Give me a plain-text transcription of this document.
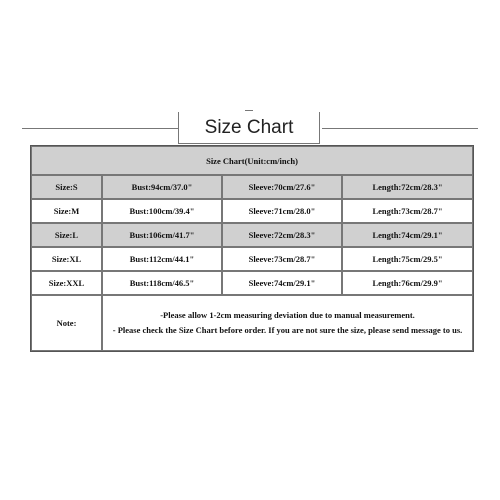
Size Chart
Size Chart(Unit:cm/inch)			
Size:S	Bust:94cm/37.0"	Sleeve:70cm/27.6"	Length:72cm/28.3"
Size:M	Bust:100cm/39.4"	Sleeve:71cm/28.0"	Length:73cm/28.7"
Size:L	Bust:106cm/41.7"	Sleeve:72cm/28.3"	Length:74cm/29.1"
Size:XL	Bust:112cm/44.1"	Sleeve:73cm/28.7"	Length:75cm/29.5"
Size:XXL	Bust:118cm/46.5"	Sleeve:74cm/29.1"	Length:76cm/29.9"
Note:	-Please allow 1-2cm measuring deviation due to manual measurement.
- Please check the Size Chart before order. If you are not sure the size, please send message to us.		
